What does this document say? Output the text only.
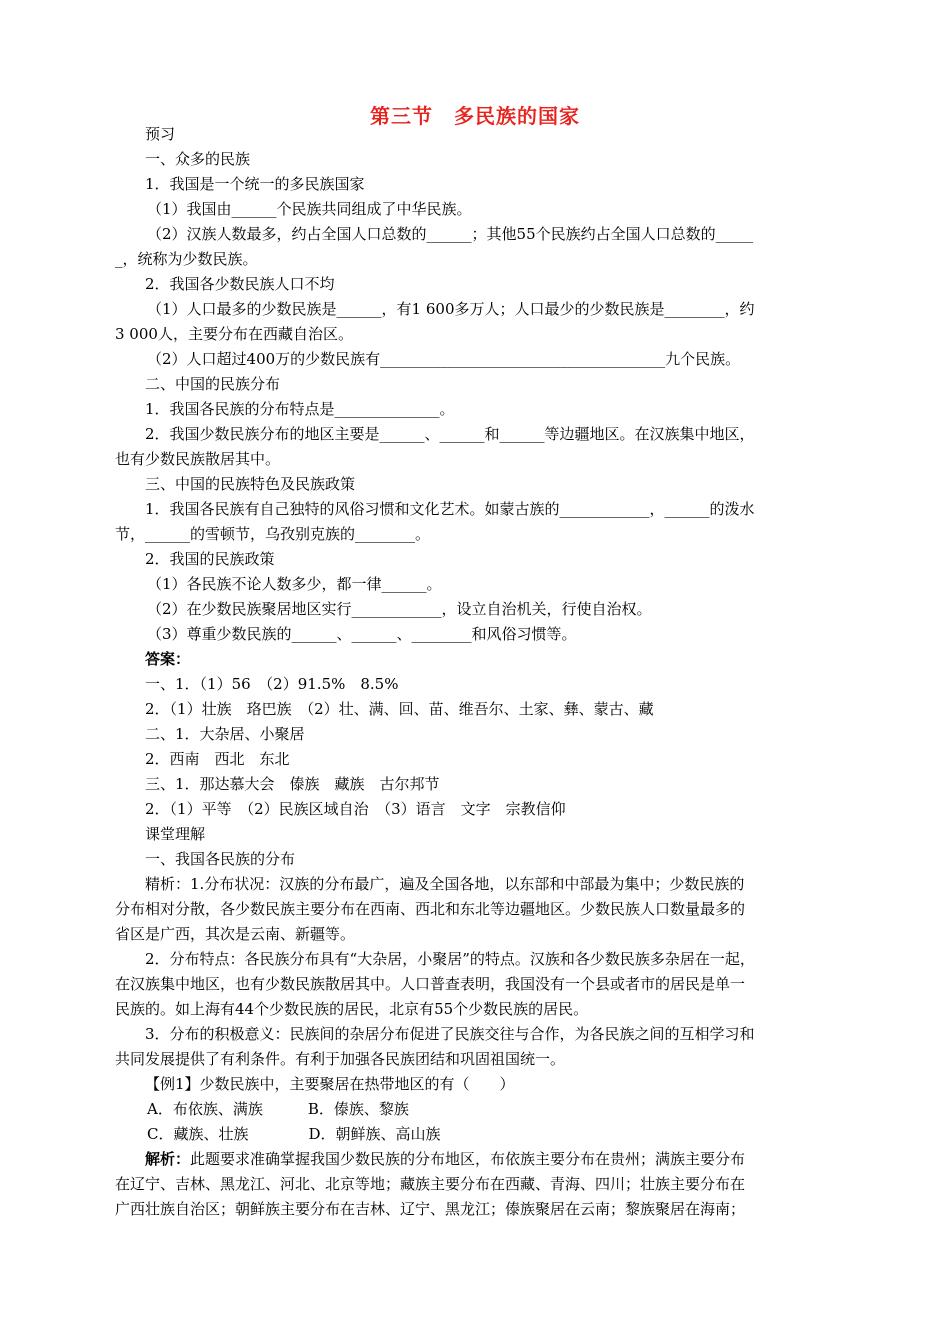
第三节　多民族的国家

预习

一、众多的民族

1．我国是一个统一的多民族国家

（1）我国由______个民族共同组成了中华民族。

（2）汉族人数最多，约占全国人口总数的______；其他55个民族约占全国人口总数的_____

_，统称为少数民族。

2．我国各少数民族人口不均

（1）人口最多的少数民族是______，有1 600多万人；人口最少的少数民族是________，约

3 000人，主要分布在西藏自治区。

（2）人口超过400万的少数民族有______________________________________九个民族。

二、中国的民族分布

1．我国各民族的分布特点是______________。

2．我国少数民族分布的地区主要是______、______和______等边疆地区。在汉族集中地区，

也有少数民族散居其中。

三、中国的民族特色及民族政策

1．我国各民族有自己独特的风俗习惯和文化艺术。如蒙古族的____________，______的泼水

节，______的雪顿节，乌孜别克族的________。

2．我国的民族政策

（1）各民族不论人数多少，都一律______。

（2）在少数民族聚居地区实行____________，设立自治机关，行使自治权。

（3）尊重少数民族的______、______、________和风俗习惯等。

答案：

一、1．（1）56　（2）91.5%　8.5%

2．（1）壮族　珞巴族　（2）壮、满、回、苗、维吾尔、土家、彝、蒙古、藏

二、1．大杂居、小聚居

2．西南　西北　东北

三、1．那达慕大会　傣族　藏族　古尔邦节

2．（1）平等　（2）民族区域自治　（3）语言　文字　宗教信仰

课堂理解

一、我国各民族的分布

精析：1.分布状况：汉族的分布最广，遍及全国各地，以东部和中部最为集中；少数民族的

分布相对分散，各少数民族主要分布在西南、西北和东北等边疆地区。少数民族人口数量最多的

省区是广西，其次是云南、新疆等。

2．分布特点：各民族分布具有“大杂居，小聚居”的特点。汉族和各少数民族多杂居在一起，

在汉族集中地区，也有少数民族散居其中。人口普查表明，我国没有一个县或者市的居民是单一

民族的。如上海有44个少数民族的居民，北京有55个少数民族的居民。

3．分布的积极意义：民族间的杂居分布促进了民族交往与合作，为各民族之间的互相学习和

共同发展提供了有利条件。有利于加强各民族团结和巩固祖国统一。

【例1】少数民族中，主要聚居在热带地区的有（　　）

A．布依族、满族　　　B．傣族、黎族

C．藏族、壮族　　　　D．朝鲜族、高山族

解析：此题要求准确掌握我国少数民族的分布地区，布依族主要分布在贵州；满族主要分布

在辽宁、吉林、黑龙江、河北、北京等地；藏族主要分布在西藏、青海、四川；壮族主要分布在

广西壮族自治区；朝鲜族主要分布在吉林、辽宁、黑龙江；傣族聚居在云南；黎族聚居在海南；
